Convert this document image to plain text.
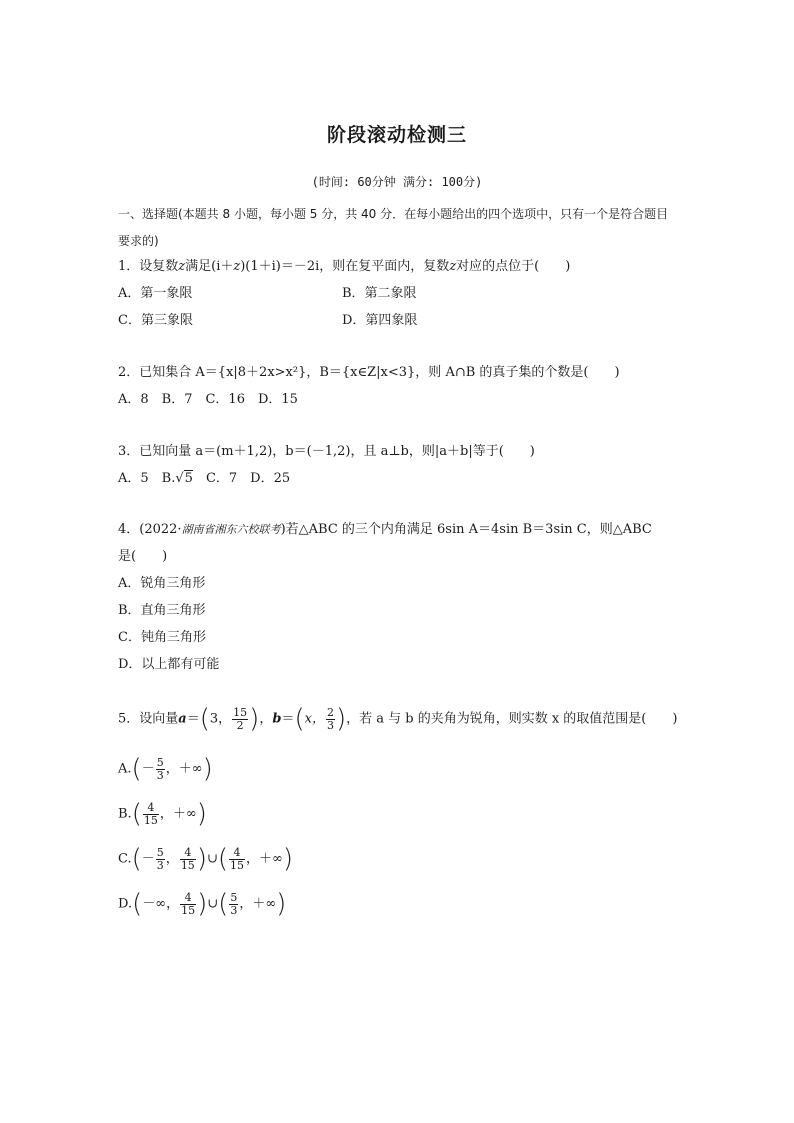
阶段滚动检测三
(时间: 60分钟 满分: 100分)
一、选择题(本题共 8 小题，每小题 5 分，共 40 分．在每小题给出的四个选项中，只有一个是符合题目要求的)
1．设复数z满足(i＋z)(1＋i)＝－2i，则在复平面内，复数z对应的点位于(　　)
A．第一象限	B．第二象限
C．第三象限	D．第四象限
2．已知集合 A＝{x|8＋2x>x²}，B＝{x∈Z|x<3}，则 A∩B 的真子集的个数是(　　)
A．8　B．7　C．16　D．15
3．已知向量 a＝(m＋1,2)，b＝(－1,2)，且 a⊥b，则|a＋b|等于(　　)
A．5　B.√5　C．7　D．25
4．(2022·湖南省湘东六校联考)若△ABC 的三个内角满足 6sin A＝4sin B＝3sin C，则△ABC
是(　　)
A．锐角三角形
B．直角三角形
C．钝角三角形
D．以上都有可能
5．设向量a＝(3， $\frac{15}{2}$ )，b＝(x， $\frac{2}{3}$ )，若 a 与 b 的夹角为锐角，则实数 x 的取值范围是(　　)
$A.(- \frac{5}{3}$ ，＋∞)
$B.( \frac{4}{15}$ ，＋∞)
$C.(- \frac{5}{3}$ ， $\frac{4}{15}$ )∪( $\frac{4}{15}$ ，＋∞)
D.(－∞， $\frac{4}{15}$ )∪( $\frac{5}{3}$ ，＋∞)
